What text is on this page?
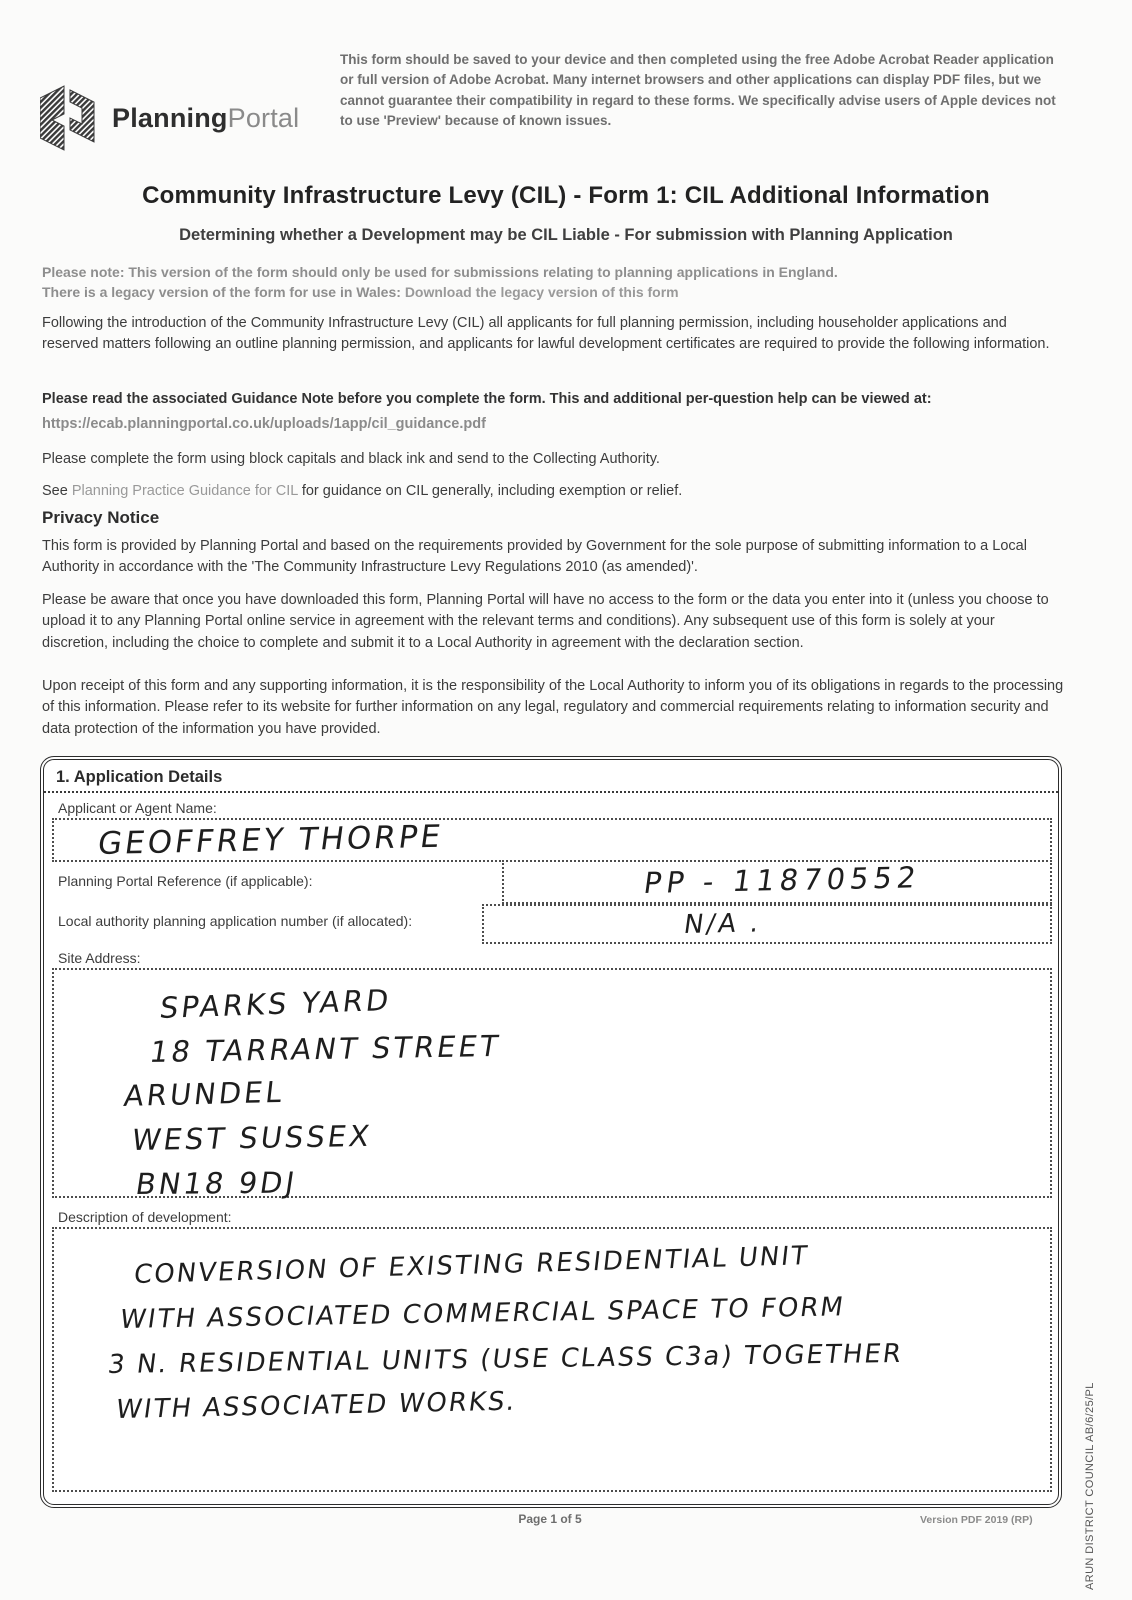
PlanningPortal
This form should be saved to your device and then completed using the free Adobe Acrobat Reader application or full version of Adobe Acrobat. Many internet browsers and other applications can display PDF files, but we cannot guarantee their compatibility in regard to these forms. We specifically advise users of Apple devices not to use 'Preview' because of known issues.
Community Infrastructure Levy (CIL) - Form 1: CIL Additional Information
Determining whether a Development may be CIL Liable - For submission with Planning Application
Please note: This version of the form should only be used for submissions relating to planning applications in England.
There is a legacy version of the form for use in Wales: Download the legacy version of this form
Following the introduction of the Community Infrastructure Levy (CIL) all applicants for full planning permission, including householder applications and reserved matters following an outline planning permission, and applicants for lawful development certificates are required to provide the following information.
Please read the associated Guidance Note before you complete the form. This and additional per-question help can be viewed at:
https://ecab.planningportal.co.uk/uploads/1app/cil_guidance.pdf
Please complete the form using block capitals and black ink and send to the Collecting Authority.
See Planning Practice Guidance for CIL for guidance on CIL generally, including exemption or relief.
Privacy Notice
This form is provided by Planning Portal and based on the requirements provided by Government for the sole purpose of submitting information to a Local Authority in accordance with the 'The Community Infrastructure Levy Regulations 2010 (as amended)'.
Please be aware that once you have downloaded this form, Planning Portal will have no access to the form or the data you enter into it (unless you choose to upload it to any Planning Portal online service in agreement with the relevant terms and conditions). Any subsequent use of this form is solely at your discretion, including the choice to complete and submit it to a Local Authority in agreement with the declaration section.
Upon receipt of this form and any supporting information, it is the responsibility of the Local Authority to inform you of its obligations in regards to the processing of this information. Please refer to its website for further information on any legal, regulatory and commercial requirements relating to information security and data protection of the information you have provided.
1. Application Details
Applicant or Agent Name:
GEOFFREY THORPE
Planning Portal Reference (if applicable):	PP - 11870552
Local authority planning application number (if allocated):	N/A .
Site Address:
SPARKS YARD
18 TARRANT STREET
ARUNDEL
WEST SUSSEX
BN18 9DJ
Description of development:
CONVERSION OF EXISTING RESIDENTIAL UNIT
WITH ASSOCIATED COMMERCIAL SPACE TO FORM
3 N. RESIDENTIAL UNITS (USE CLASS C3a) TOGETHER
WITH ASSOCIATED WORKS.
Page 1 of 5	Version PDF 2019 (RP)	ARUN DISTRICT COUNCIL AB/6/25/PL
